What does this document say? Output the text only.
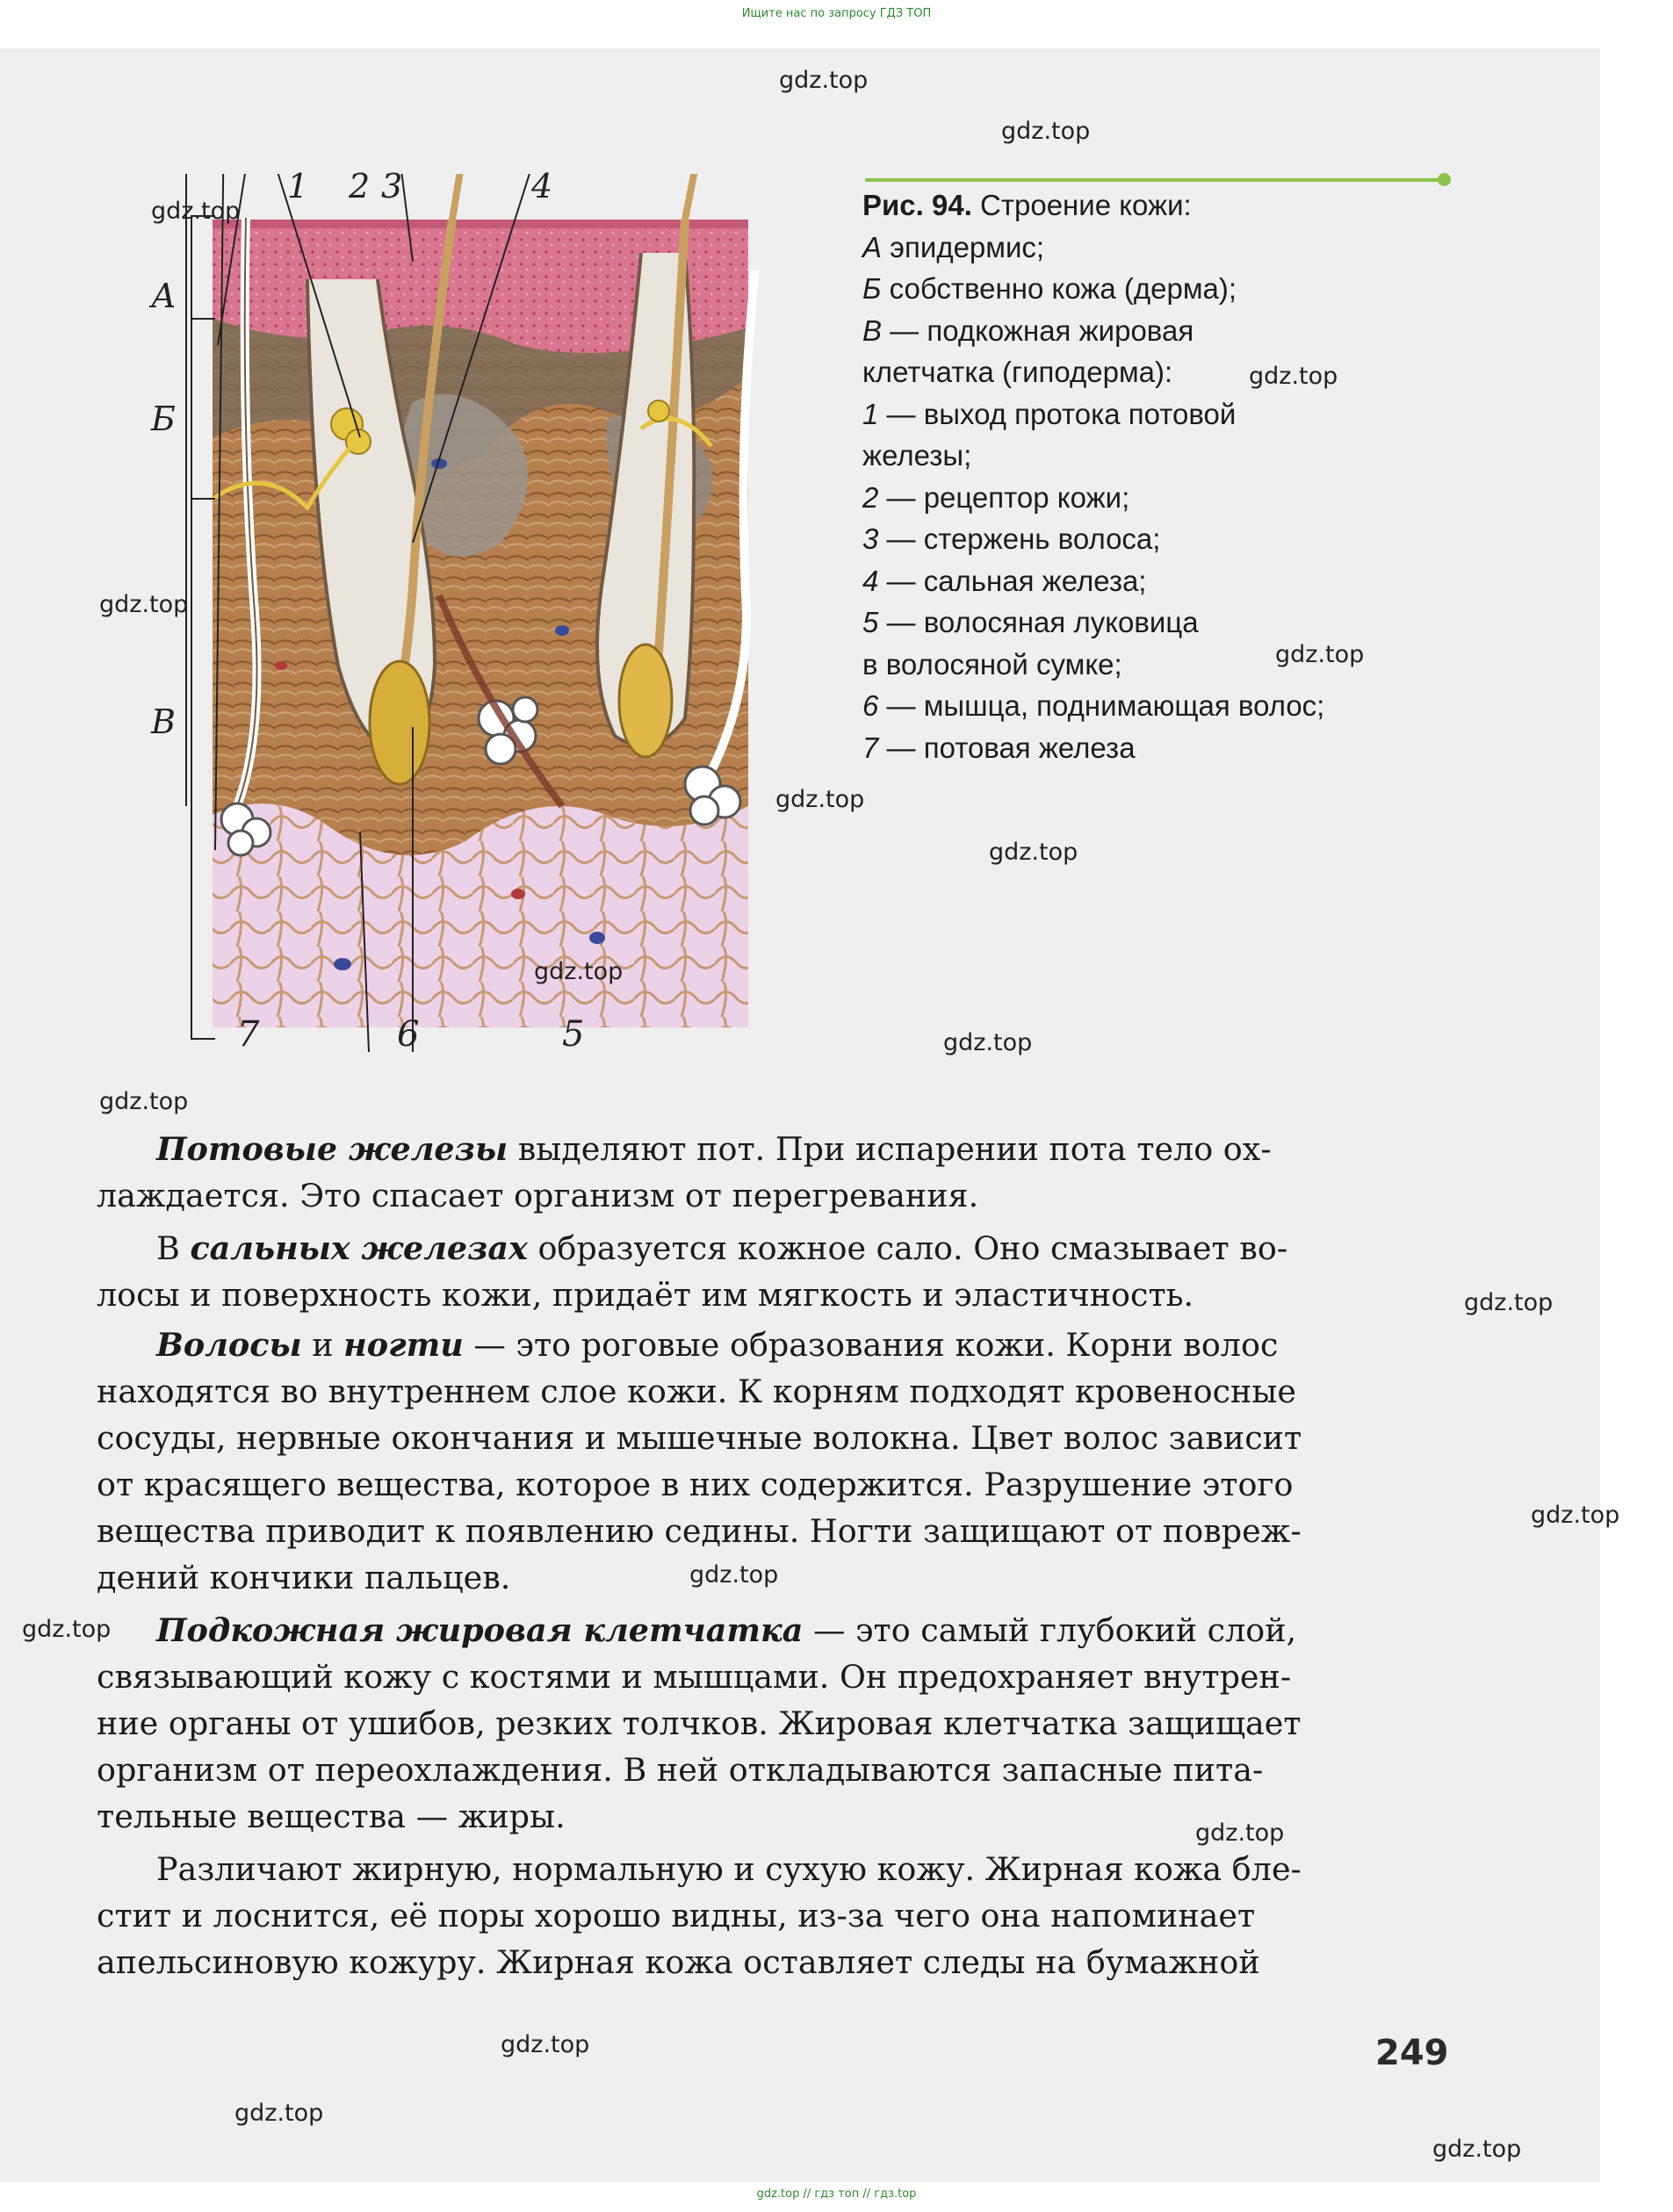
Ищите нас по запросу ГДЗ ТОП

1 2 3	4
А
Б
В
7	6	5
Рис. 94. Строение кожи:
А эпидермис;
Б собственно кожа (дерма);
В — подкожная жировая
клетчатка (гиподерма):
1 — выход протока потовой
железы;
2 — рецептор кожи;
3 — стержень волоса;
4 — сальная железа;
5 — волосяная луковица
в волосяной сумке;
6 — мышца, поднимающая волос;
7 — потовая железа
Потовые железы выделяют пот. При испарении пота тело ох-
лаждается. Это спасает организм от перегревания.
В сальных железах образуется кожное сало. Оно смазывает во-
лосы и поверхность кожи, придаёт им мягкость и эластичность.
Волосы и ногти — это роговые образования кожи. Корни волос
находятся во внутреннем слое кожи. К корням подходят кровеносные
сосуды, нервные окончания и мышечные волокна. Цвет волос зависит
от красящего вещества, которое в них содержится. Разрушение этого
вещества приводит к появлению седины. Ногти защищают от повреж-
дений кончики пальцев.
Подкожная жировая клетчатка — это самый глубокий слой,
связывающий кожу с костями и мышцами. Он предохраняет внутрен-
ние органы от ушибов, резких толчков. Жировая клетчатка защищает
организм от переохлаждения. В ней откладываются запасные пита-
тельные вещества — жиры.
Различают жирную, нормальную и сухую кожу. Жирная кожа бле-
стит и лоснится, её поры хорошо видны, из-за чего она напоминает
апельсиновую кожуру. Жирная кожа оставляет следы на бумажной
249
gdz.top
gdz.top
gdz.top
gdz.top
gdz.top
gdz.top
gdz.top
gdz.top
gdz.top
gdz.top
gdz.top
gdz.top
gdz.top
gdz.top
gdz.top
gdz.top
gdz.top
gdz.top
gdz.top
gdz.top // гдз топ // гдз.top
